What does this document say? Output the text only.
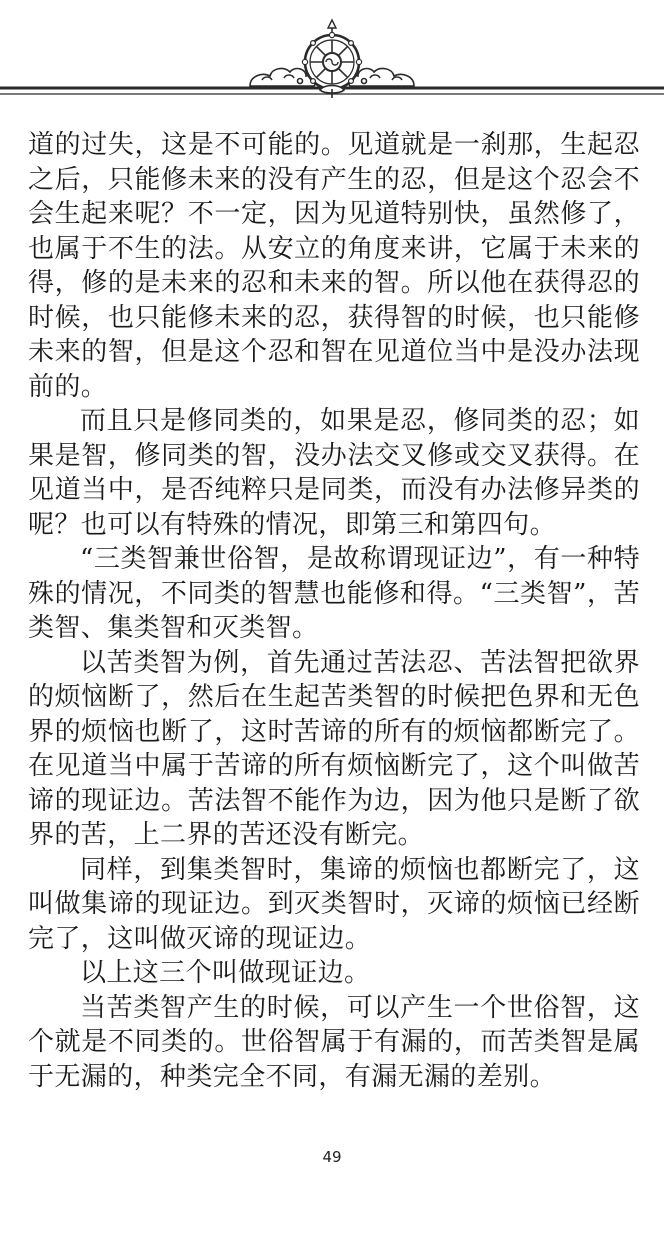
道的过失，这是不可能的。见道就是一刹那，生起忍之后，只能修未来的没有产生的忍，但是这个忍会不会生起来呢？不一定，因为见道特别快，虽然修了，也属于不生的法。从安立的角度来讲，它属于未来的得，修的是未来的忍和未来的智。所以他在获得忍的时候，也只能修未来的忍，获得智的时候，也只能修未来的智，但是这个忍和智在见道位当中是没办法现前的。

而且只是修同类的，如果是忍，修同类的忍；如果是智，修同类的智，没办法交叉修或交叉获得。在见道当中，是否纯粹只是同类，而没有办法修异类的呢？也可以有特殊的情况，即第三和第四句。

“三类智兼世俗智，是故称谓现证边”，有一种特殊的情况，不同类的智慧也能修和得。“三类智”，苦类智、集类智和灭类智。

以苦类智为例，首先通过苦法忍、苦法智把欲界的烦恼断了，然后在生起苦类智的时候把色界和无色界的烦恼也断了，这时苦谛的所有的烦恼都断完了。在见道当中属于苦谛的所有烦恼断完了，这个叫做苦谛的现证边。苦法智不能作为边，因为他只是断了欲界的苦，上二界的苦还没有断完。

同样，到集类智时，集谛的烦恼也都断完了，这叫做集谛的现证边。到灭类智时，灭谛的烦恼已经断完了，这叫做灭谛的现证边。

以上这三个叫做现证边。

当苦类智产生的时候，可以产生一个世俗智，这个就是不同类的。世俗智属于有漏的，而苦类智是属于无漏的，种类完全不同，有漏无漏的差别。

49
